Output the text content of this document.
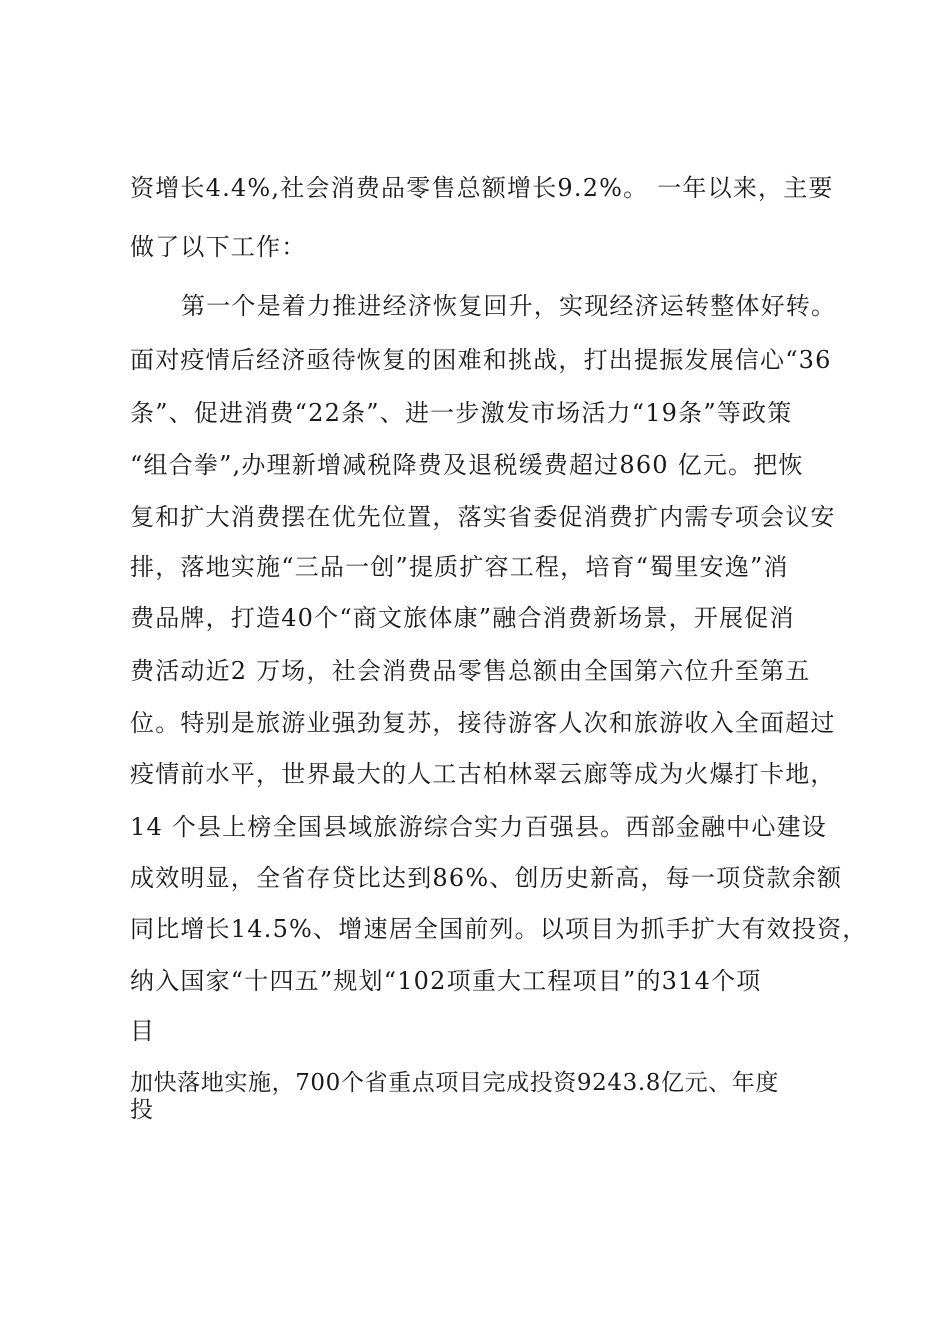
资增长4.4%,社会消费品零售总额增长9.2%。 一年以来，主要
做了以下工作：
第一个是着力推进经济恢复回升，实现经济运转整体好转。
面对疫情后经济亟待恢复的困难和挑战，打出提振发展信心“36
条”、促进消费“22条”、进一步激发市场活力“19条”等政策
“组合拳”,办理新增减税降费及退税缓费超过860 亿元。把恢
复和扩大消费摆在优先位置，落实省委促消费扩内需专项会议安
排，落地实施“三品一创”提质扩容工程，培育“蜀里安逸”消
费品牌，打造40个“商文旅体康”融合消费新场景，开展促消
费活动近2 万场，社会消费品零售总额由全国第六位升至第五
位。特别是旅游业强劲复苏，接待游客人次和旅游收入全面超过
疫情前水平，世界最大的人工古柏林翠云廊等成为火爆打卡地，
14 个县上榜全国县域旅游综合实力百强县。西部金融中心建设
成效明显，全省存贷比达到86%、创历史新高，每一项贷款余额
同比增长14.5%、增速居全国前列。以项目为抓手扩大有效投资，
纳入国家“十四五”规划“102项重大工程项目”的314个项
目
加快落地实施，700个省重点项目完成投资9243.8亿元、年度
投
